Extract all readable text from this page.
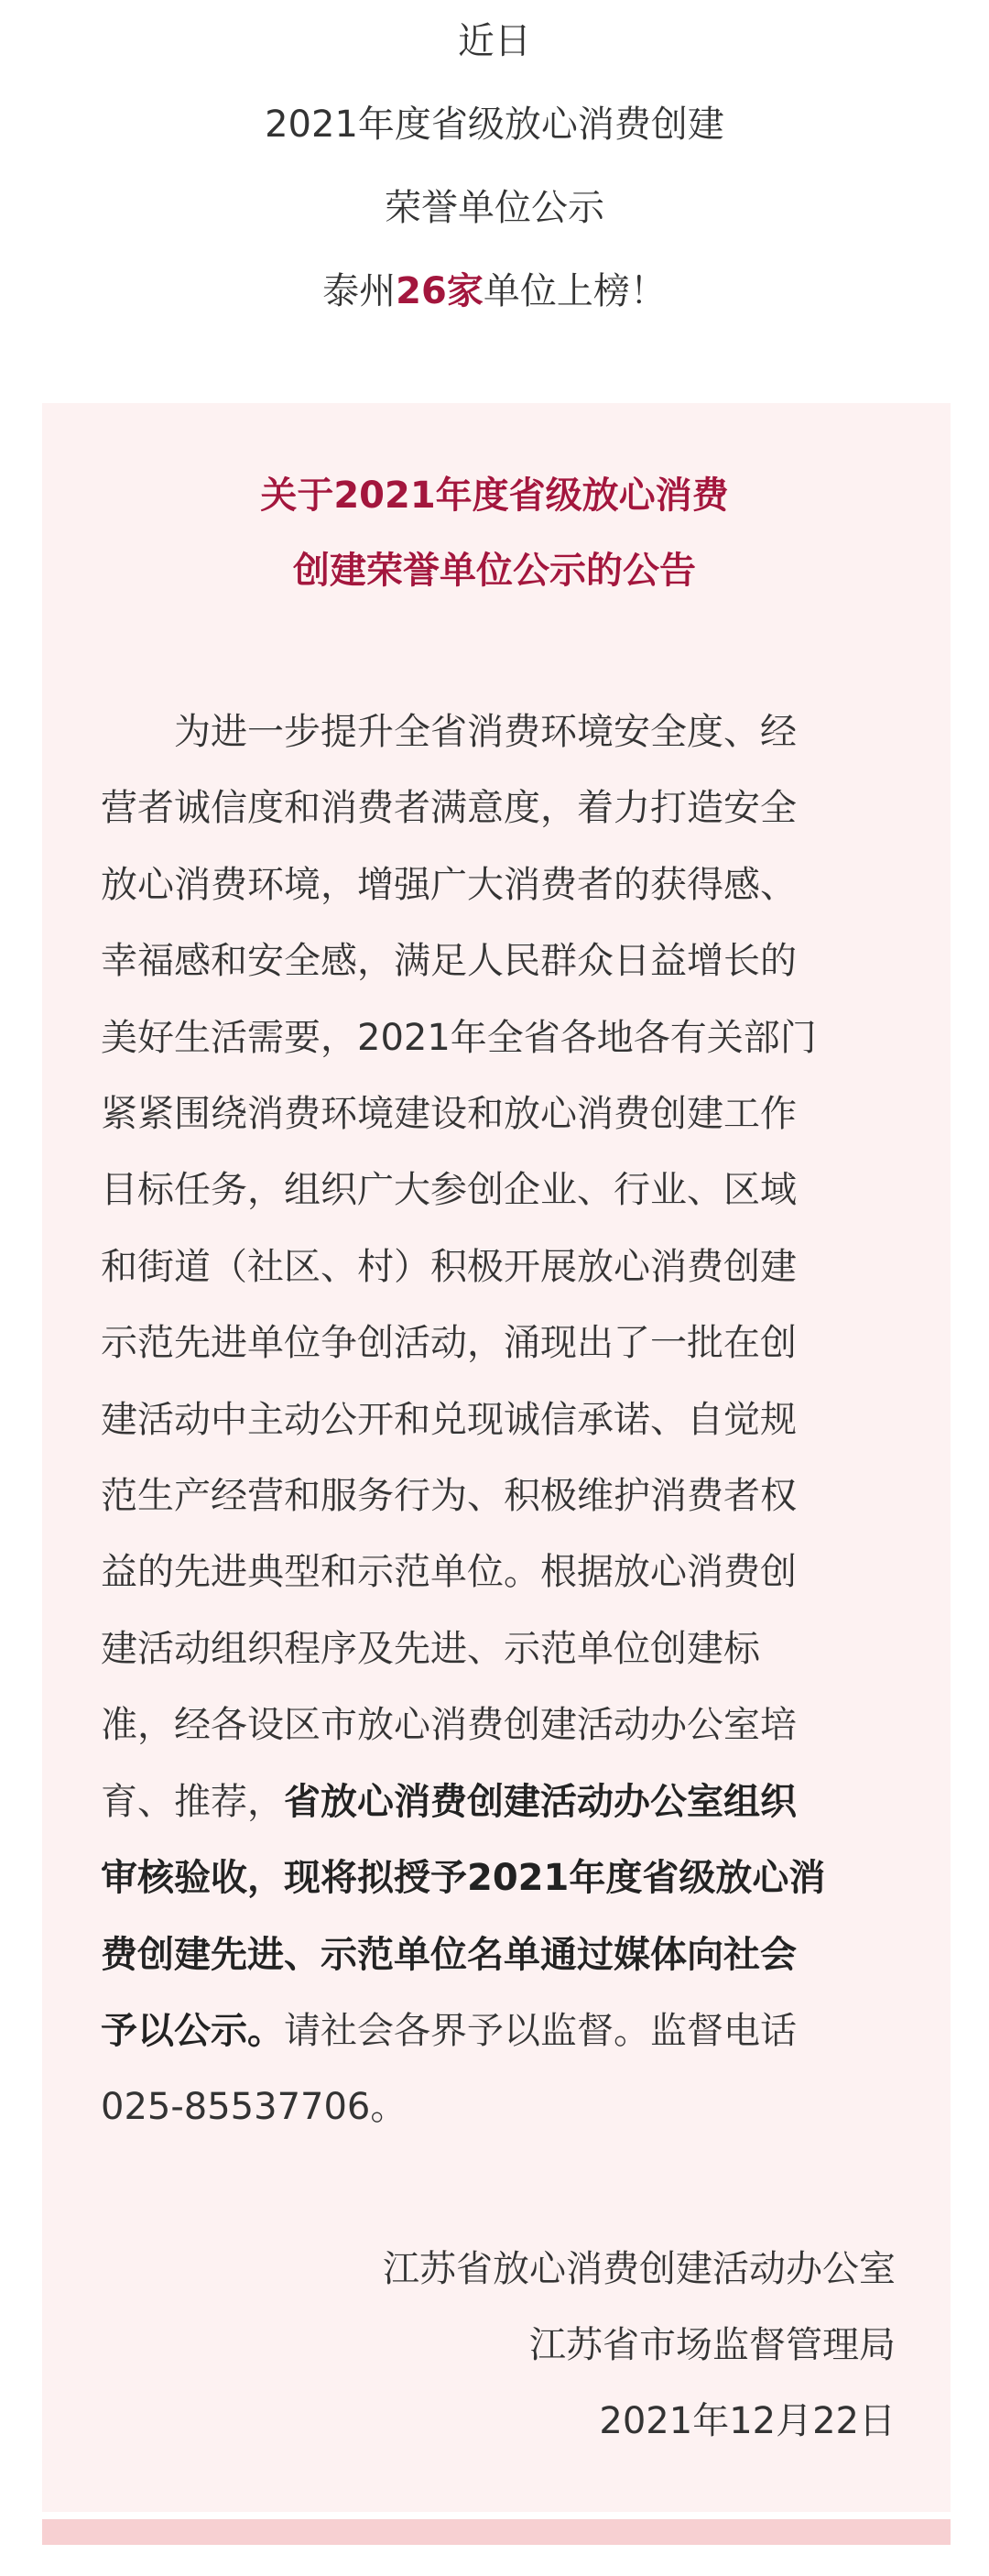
近日
2021年度省级放心消费创建
荣誉单位公示
泰州26家单位上榜！
关于2021年度省级放心消费
创建荣誉单位公示的公告
为进一步提升全省消费环境安全度、经
营者诚信度和消费者满意度，着力打造安全
放心消费环境，增强广大消费者的获得感、
幸福感和安全感，满足人民群众日益增长的
美好生活需要，2021年全省各地各有关部门
紧紧围绕消费环境建设和放心消费创建工作
目标任务，组织广大参创企业、行业、区域
和街道（社区、村）积极开展放心消费创建
示范先进单位争创活动，涌现出了一批在创
建活动中主动公开和兑现诚信承诺、自觉规
范生产经营和服务行为、积极维护消费者权
益的先进典型和示范单位。根据放心消费创
建活动组织程序及先进、示范单位创建标
准，经各设区市放心消费创建活动办公室培
育、推荐，省放心消费创建活动办公室组织
审核验收，现将拟授予2021年度省级放心消
费创建先进、示范单位名单通过媒体向社会
予以公示。请社会各界予以监督。监督电话
025-85537706。
江苏省放心消费创建活动办公室
江苏省市场监督管理局
2021年12月22日
